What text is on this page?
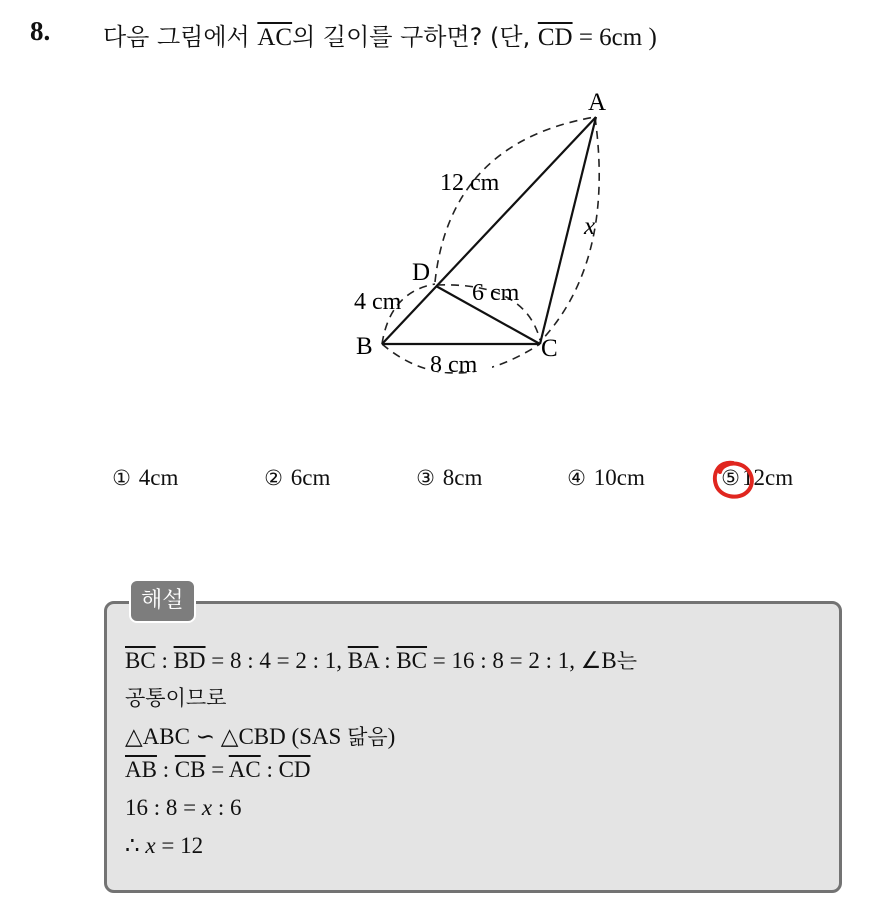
8. 다음 그림에서 $\overline{AC}$의 길이를 구하면? (단, $\overline{CD} = 6cm$ )
A
B	C
D
12 cm
4 cm	6 cm
8 cm
x
① 4cm	② 6cm	③ 8cm	④ 10cm	⑤12cm
해설
$\overline{BC}$ : $\overline{BD} = 8$ : 4 = 2 : 1, $\overline{BA}$ : $\overline{BC} = 16$ : 8 = 2 : 1, ∠B는
공통이므로
△ABC ∽ △CBD (SAS 닮음)
$\overline{AB}$ : $\overline{CB} = \overline{AC}$ : $\overline{CD}$
16 : 8 = x : 6
∴ x = 12
